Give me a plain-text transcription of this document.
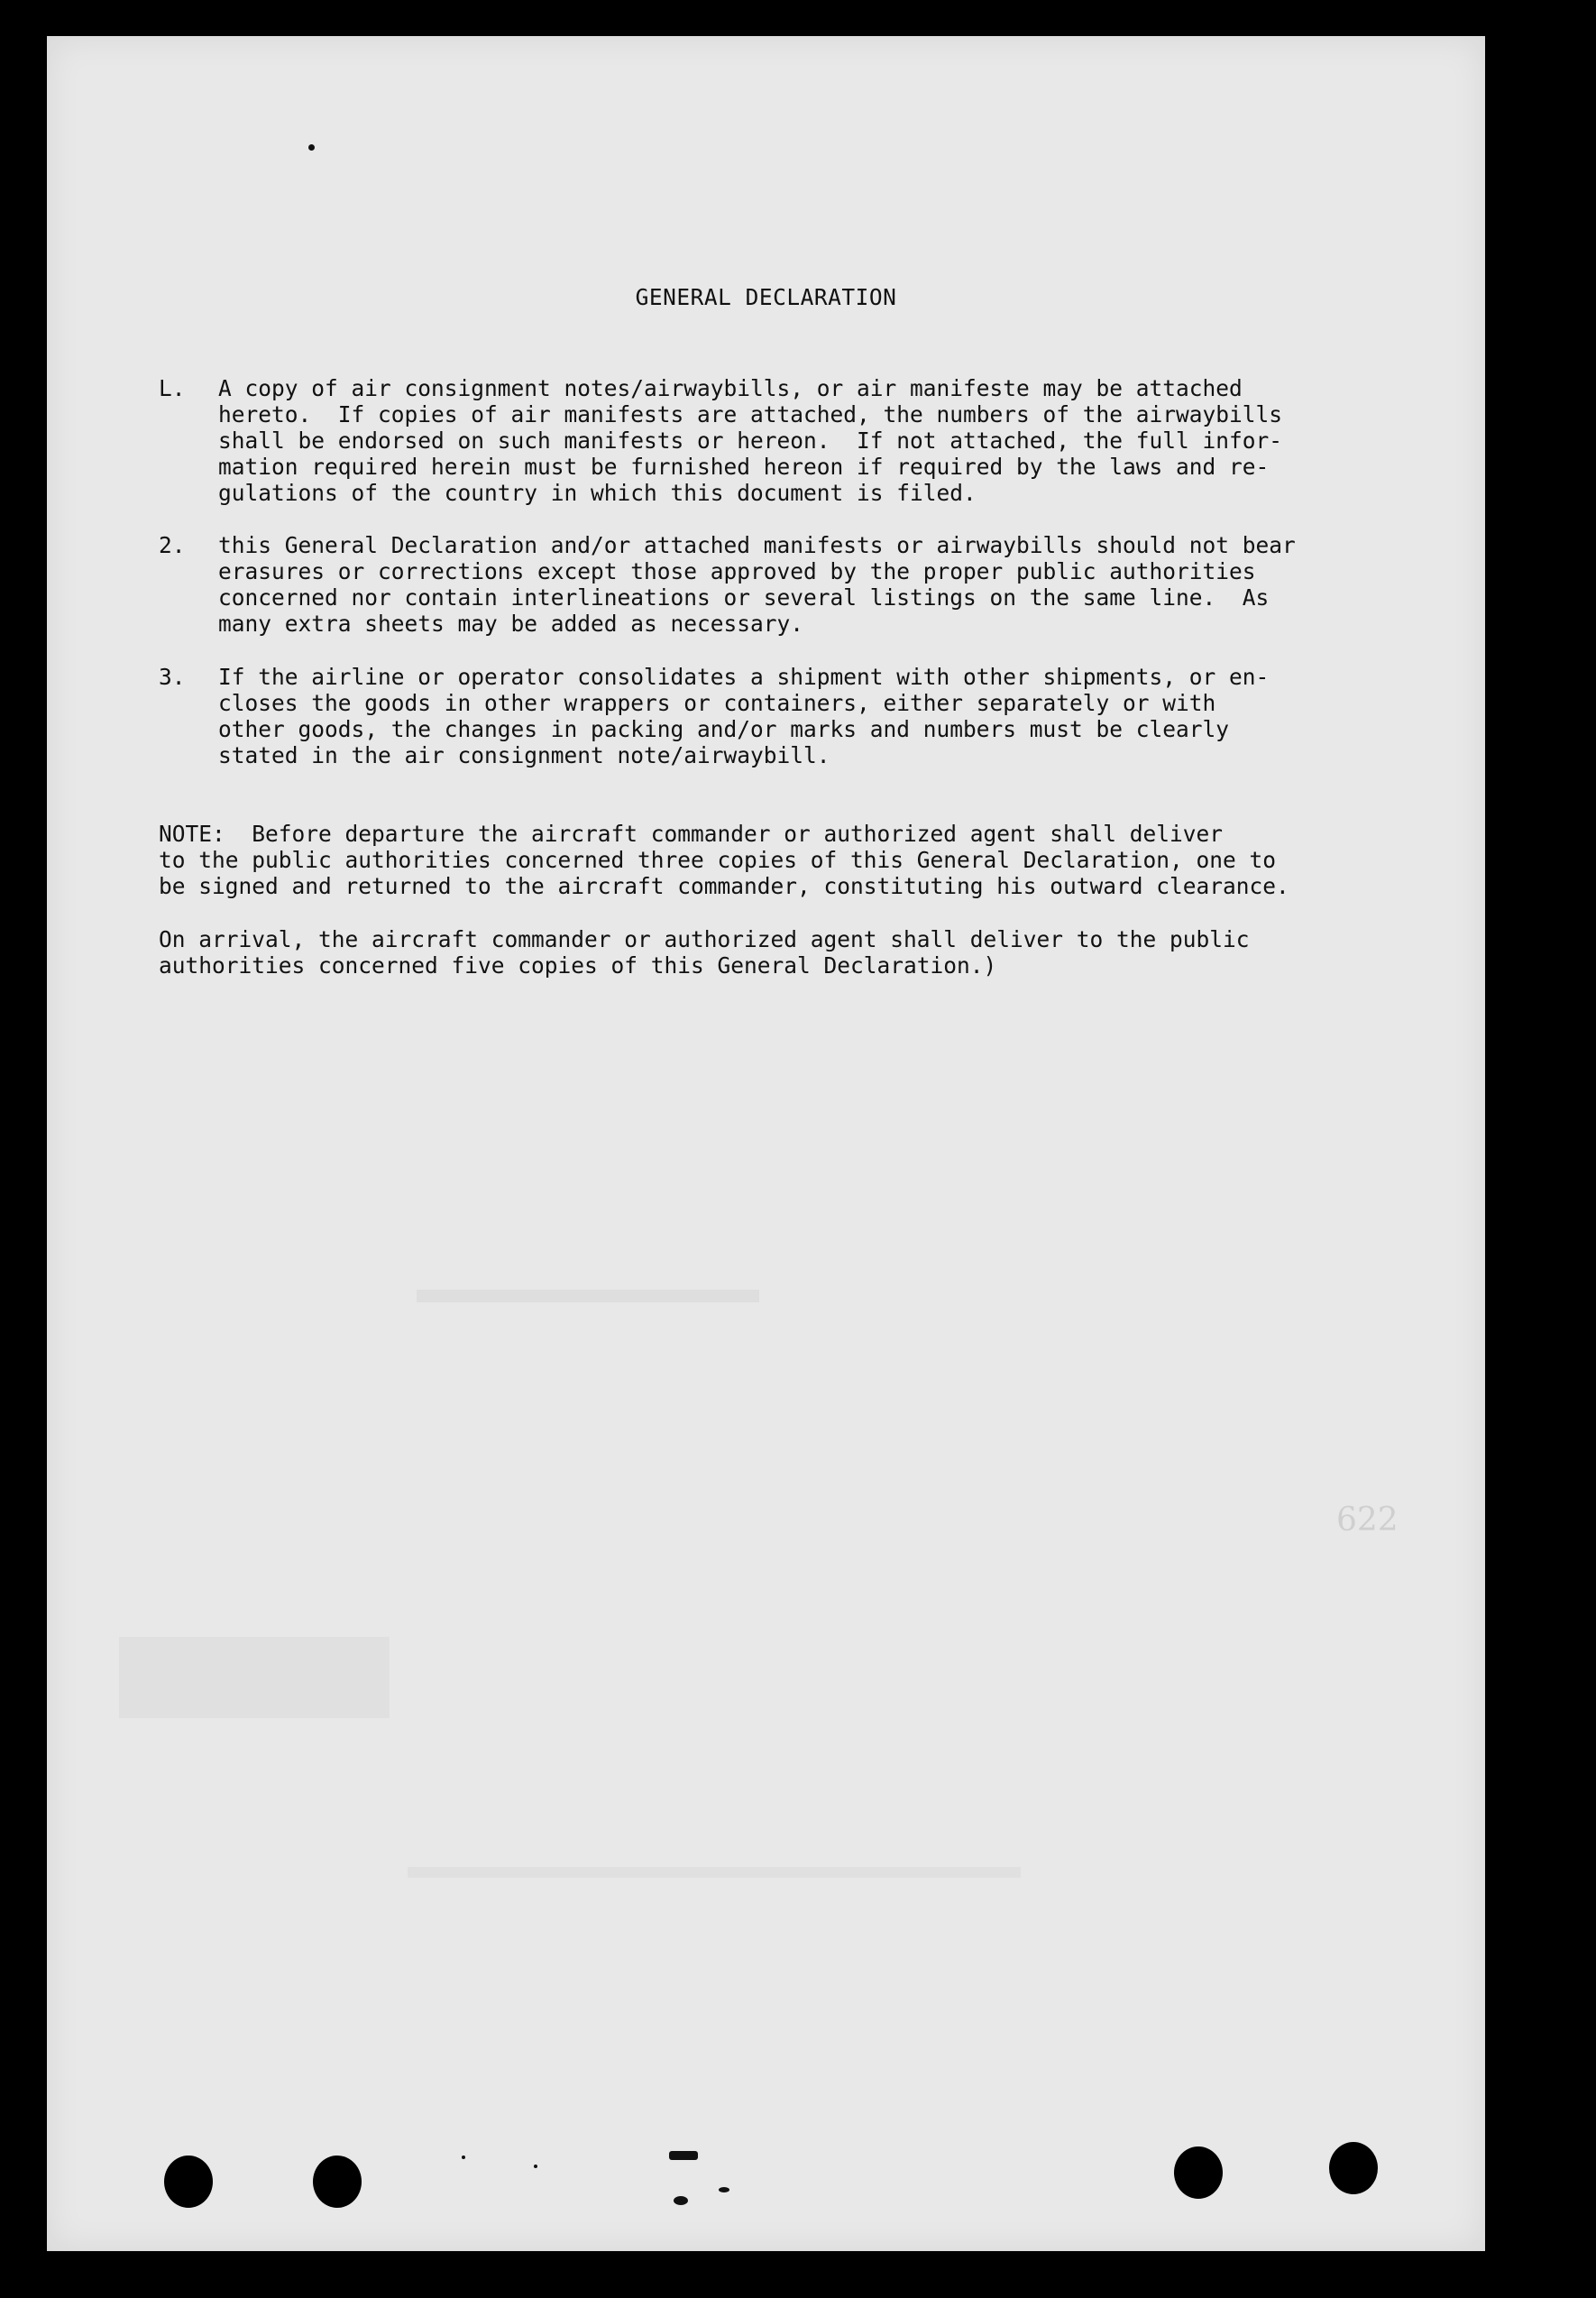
GENERAL DECLARATION
L. A copy of air consignment notes/airwaybills, or air manifeste may be attached
hereto.  If copies of air manifests are attached, the numbers of the airwaybills
shall be endorsed on such manifests or hereon.  If not attached, the full infor-
mation required herein must be furnished hereon if required by the laws and re-
gulations of the country in which this document is filed.
2. this General Declaration and/or attached manifests or airwaybills should not bear
erasures or corrections except those approved by the proper public authorities
concerned nor contain interlineations or several listings on the same line.  As
many extra sheets may be added as necessary.
3. If the airline or operator consolidates a shipment with other shipments, or en-
closes the goods in other wrappers or containers, either separately or with
other goods, the changes in packing and/or marks and numbers must be clearly
stated in the air consignment note/airwaybill.
NOTE:  Before departure the aircraft commander or authorized agent shall deliver
to the public authorities concerned three copies of this General Declaration, one to
be signed and returned to the aircraft commander, constituting his outward clearance.
On arrival, the aircraft commander or authorized agent shall deliver to the public
authorities concerned five copies of this General Declaration.)
622
